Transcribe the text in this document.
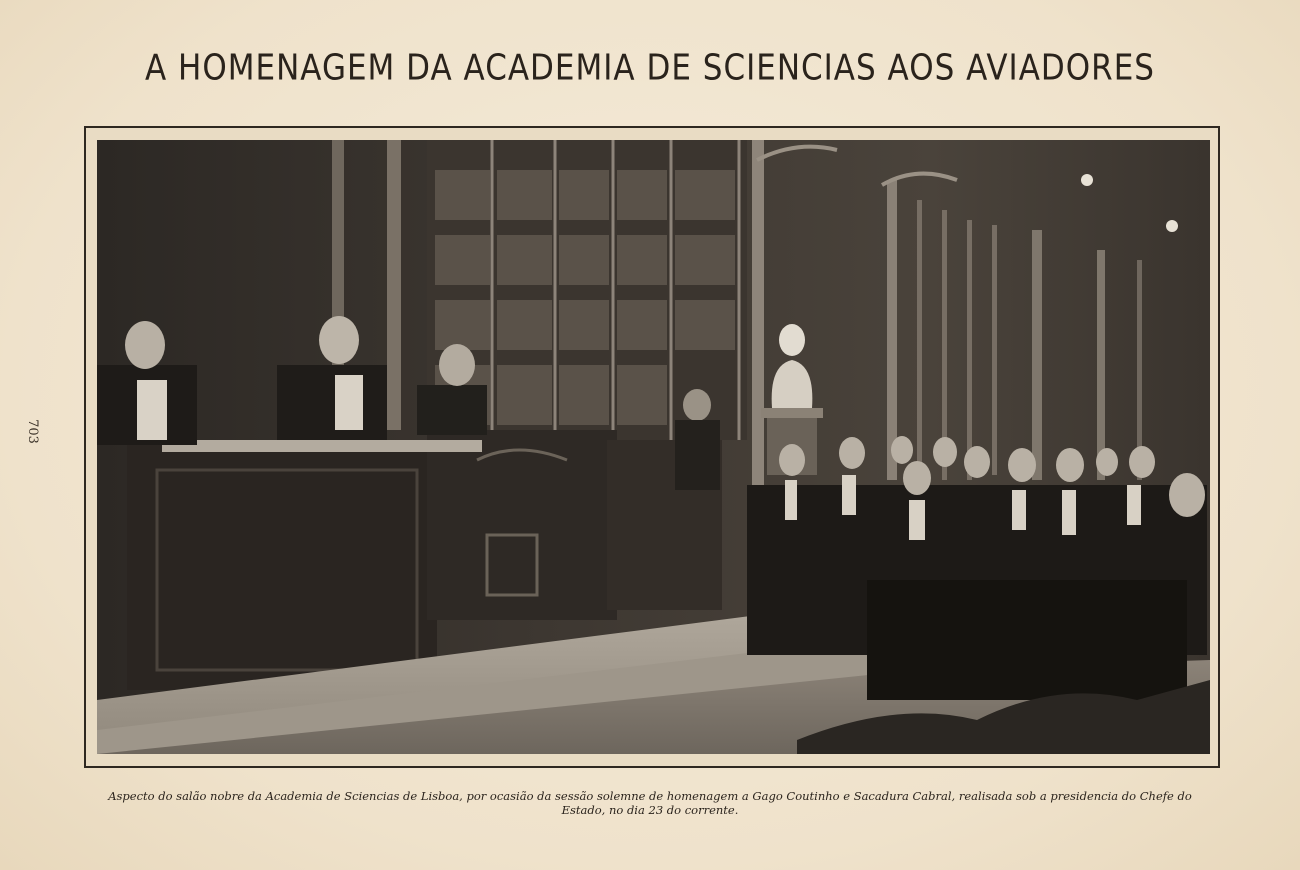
A HOMENAGEM DA ACADEMIA DE SCIENCIAS AOS AVIADORES
703
Aspecto do salão nobre da Academia de Sciencias de Lisboa, por ocasião da sessão solemne de homenagem a Gago Coutinho e Sacadura Cabral, realisada sob a presidencia do Chefe do Estado, no dia 23 do corrente.
